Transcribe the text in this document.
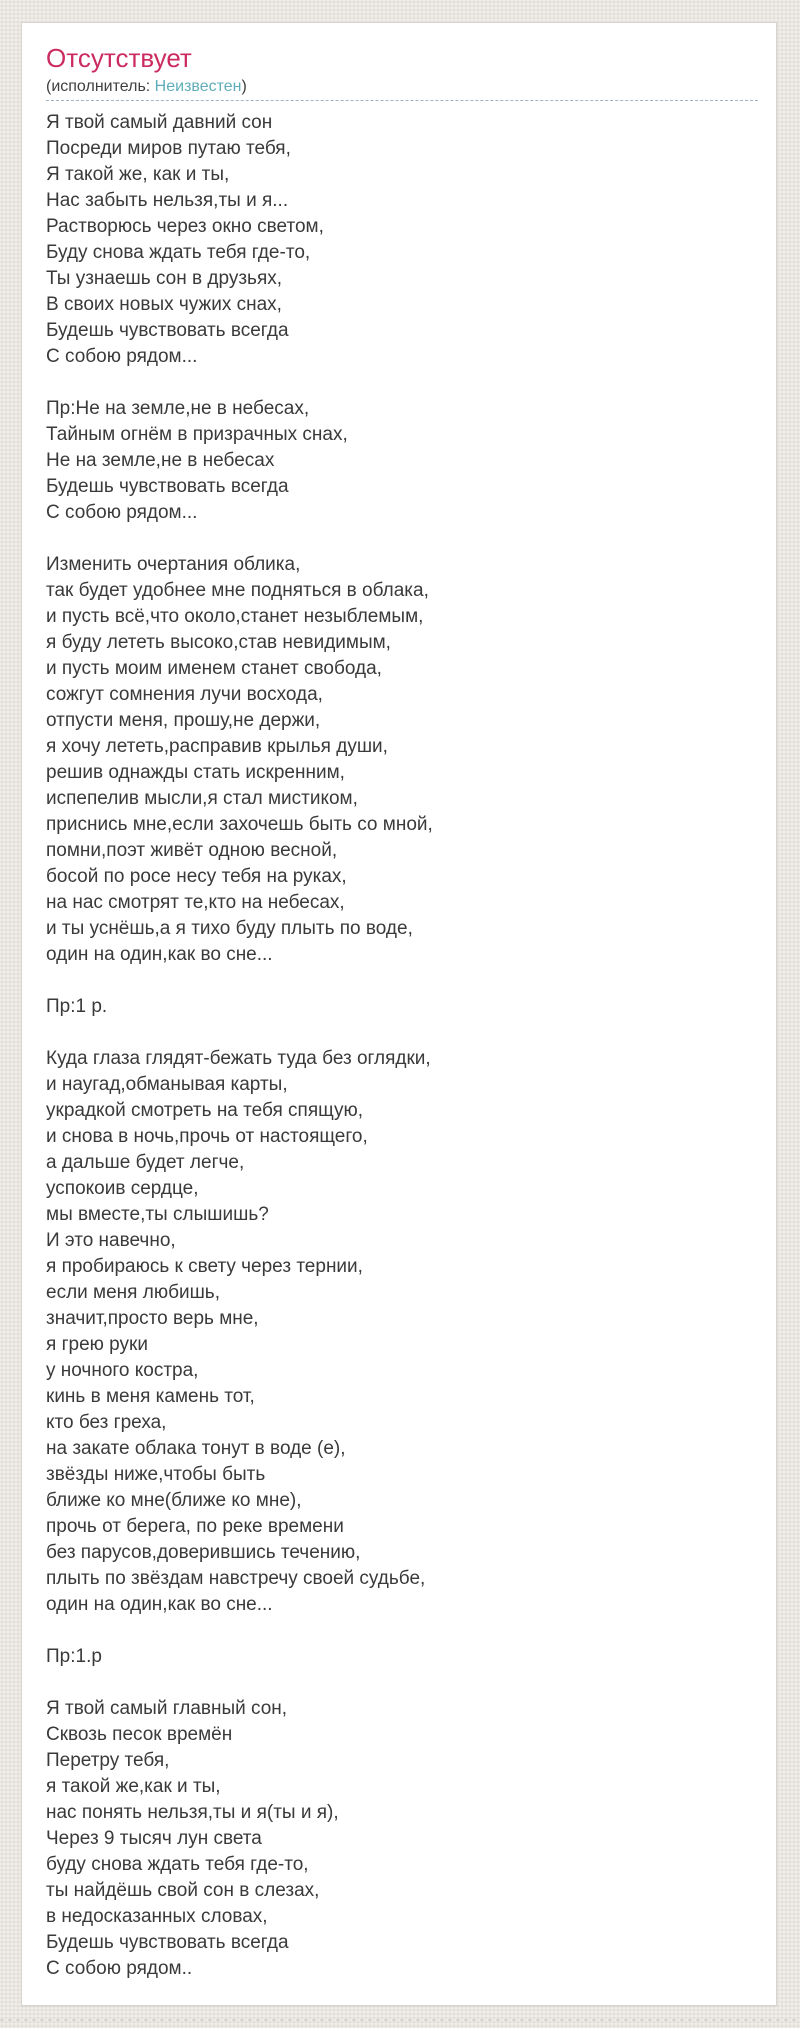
Отсутствует
(исполнитель: Неизвестен)
Я твой самый давний сон
Посреди миров путаю тебя,
Я такой же, как и ты,
Нас забыть нельзя,ты и я...
Растворюсь через окно светом,
Буду снова ждать тебя где-то,
Ты узнаешь сон в друзьях,
В своих новых чужих снах,
Будешь чувствовать всегда
С собою рядом...

Пр:Не на земле,не в небесах,
Тайным огнём в призрачных снах,
Не на земле,не в небесах
Будешь чувствовать всегда
С собою рядом...

Изменить очертания облика,
так будет удобнее мне подняться в облака,
и пусть всё,что около,станет незыблемым,
я буду лететь высоко,став невидимым,
и пусть моим именем станет свобода,
сожгут сомнения лучи восхода,
отпусти меня, прошу,не держи,
я хочу лететь,расправив крылья души,
решив однажды стать искренним,
испепелив мысли,я стал мистиком,
приснись мне,если захочешь быть со мной,
помни,поэт живёт одною весной,
босой по росе несу тебя на руках,
на нас смотрят те,кто на небесах,
и ты уснёшь,а я тихо буду плыть по воде,
один на один,как во сне...

Пр:1 р.

Куда глаза глядят-бежать туда без оглядки,
и наугад,обманывая карты,
украдкой смотреть на тебя спящую,
и снова в ночь,прочь от настоящего,
а дальше будет легче,
успокоив сердце,
мы вместе,ты слышишь?
И это навечно,
я пробираюсь к свету через тернии,
если меня любишь,
значит,просто верь мне,
я грею руки
у ночного костра,
кинь в меня камень тот,
кто без греха,
на закате облака тонут в воде (е),
звёзды ниже,чтобы быть
ближе ко мне(ближе ко мне),
прочь от берега, по реке времени
без парусов,доверившись течению,
плыть по звёздам навстречу своей судьбе,
один на один,как во сне...

Пр:1.р

Я твой самый главный сон,
Сквозь песок времён
Перетру тебя,
я такой же,как и ты,
нас понять нельзя,ты и я(ты и я),
Через 9 тысяч лун света
буду снова ждать тебя где-то,
ты найдёшь свой сон в слезах,
в недосказанных словах,
Будешь чувствовать всегда
С собою рядом..
